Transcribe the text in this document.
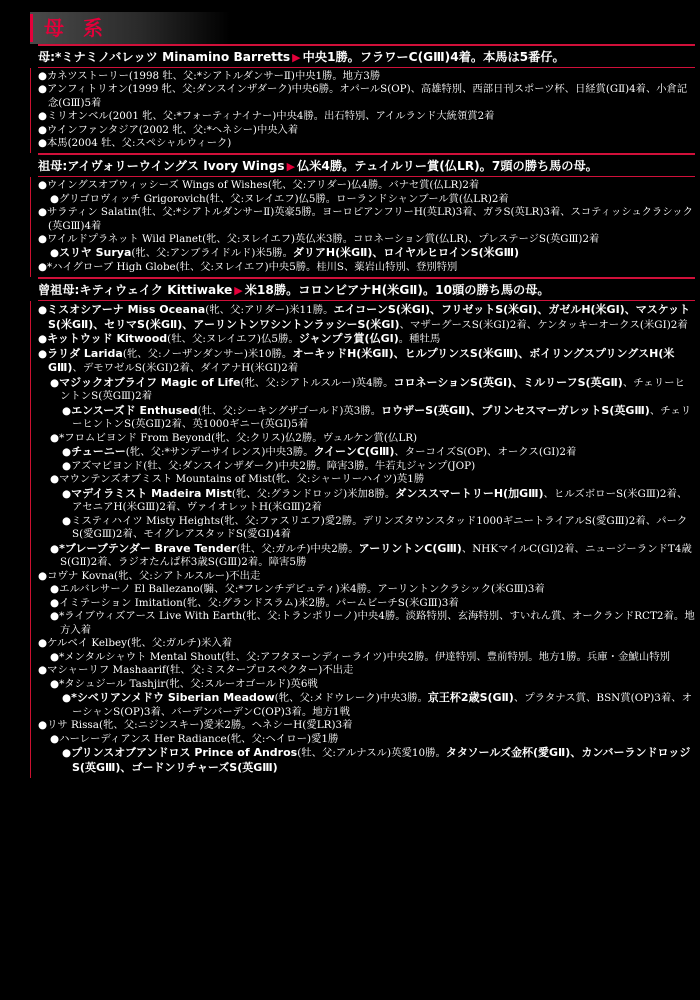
母 系
母:*ミナミノバレッツ Minamino Barretts ▶ 中央1勝。フラワーC(GⅢ)4着。本馬は5番仔。
●カネツストーリー(1998 牡、父:*シアトルダンサーⅡ)中央1勝。地方3勝
●アンフィトリオン(1999 牝、父:ダンスインザダーク)中央6勝。オパールS(OP)、高雄特別、西部日刊スポーツ杯、日経賞(GⅡ)4着、小倉記念(GⅢ)5着
●ミリオンベル(2001 牝、父:*フォーティナイナー)中央4勝。出石特別、アイルランド大統領賞2着
●ウインファンタジア(2002 牝、父:*ヘネシー)中央入着
●本馬(2004 牡、父:スペシャルウィーク)
祖母:アイヴォリーウイングス Ivory Wings ▶ 仏米4勝。テュイルリー賞(仏LR)。7頭の勝ち馬の母。
●ウイングスオブウィッシーズ Wings of Wishes(牝、父:アリダー)仏4勝。バナセ賞(仏LR)2着
●グリゴロヴィッチ Grigorovich(牡、父:ヌレイエフ)仏5勝。ローランドシャンブール賞(仏LR)2着
●サラティン Salatin(牡、父:*シアトルダンサーⅡ)英豪5勝。ヨーロピアンフリーH(英LR)3着、ガラS(英LR)3着、スコティッシュクラシック(英GⅢ)4着
●ワイルドプラネット Wild Planet(牝、父:ヌレイエフ)英仏米3勝。コロネーション賞(仏LR)、プレステージS(英GⅢ)2着
●スリヤ Surya(牝、父:アンブライドルド)米5勝。ダリアH(米GⅡ)、ロイヤルヒロインS(米GⅢ)
●*ハイグローブ High Globe(牡、父:ヌレイエフ)中央5勝。桂川S、薬岩山特別、登別特別
曾祖母:キティウェイク Kittiwake ▶ 米18勝。コロンビアナH(米GⅡ)。10頭の勝ち馬の母。
●ミスオシアーナ Miss Oceana(牝、父:アリダー)米11勝。エイコーンS(米GⅠ)、フリゼットS(米GⅠ)、ガゼルH(米GⅠ)、マスケットS(米GⅡ)、セリマS(米GⅡ)、アーリントンワシントンラッシーS(米GⅠ)、マザーグースS(米GⅠ)2着、ケンタッキーオークス(米GⅠ)2着
●キットウッド Kitwood(牡、父:ヌレイエフ)仏5勝。ジャンプラ賞(仏GⅠ)。種牡馬
●ラリダ Larida(牝、父:ノーザンダンサー)米10勝。オーキッドH(米GⅡ)、ヒルプリンスS(米GⅢ)、ボイリングスプリングスH(米GⅢ)、デモワゼルS(米GⅠ)2着、ダイアナH(米GⅠ)2着
●マジックオブライフ Magic of Life(牝、父:シアトルスルー)英4勝。コロネーションS(英GⅠ)、ミルリーフS(英GⅡ)、チェリーヒントンS(英GⅢ)2着
●エンスーズド Enthused(牡、父:シーキングザゴールド)英3勝。ロウザーS(英GⅡ)、プリンセスマーガレットS(英GⅢ)、チェリーヒントンS(英GⅡ)2着、英1000ギニー(英GⅠ)5着
●*フロムビヨンド From Beyond(牝、父:クリス)仏2勝。ヴュルケン賞(仏LR)
●チューニー(牝、父:*サンデーサイレンス)中央3勝。クイーンC(GⅢ)、ターコイズS(OP)、オークス(GⅠ)2着
●アズマビヨンド(牡、父:ダンスインザダーク)中央2勝。障害3勝。牛若丸ジャンプ(JOP)
●マウンテンズオブミスト Mountains of Mist(牝、父:シャーリーハイツ)英1勝
●マデイラミスト Madeira Mist(牝、父:グランドロッジ)米加8勝。ダンススマートリーH(加GⅢ)、ヒルズボローS(米GⅢ)2着、アセニアH(米GⅢ)2着、ヴァイオレットH(米GⅢ)2着
●ミスティハイツ Misty Heights(牝、父:ファスリエフ)愛2勝。デリンズタウンスタッド1000ギニートライアルS(愛GⅢ)2着、パークS(愛GⅢ)2着、モイグレアスタッドS(愛GⅠ)4着
●*ブレーブテンダー Brave Tender(牡、父:ガルチ)中央2勝。アーリントンC(GⅢ)、NHKマイルC(GⅠ)2着、ニュージーランドT4歳S(GⅡ)2着、ラジオたんぱ杯3歳S(GⅢ)2着。障害5勝
●コヴナ Kovna(牝、父:シアトルスルー)不出走
●エルバレサーノ El Ballezano(騸、父:*フレンチデピュティ)米4勝。アーリントンクラシック(米GⅢ)3着
●イミテーション Imitation(牝、父:グランドスラム)米2勝。パームビーチS(米GⅢ)3着
●*ライブウィズアース Live With Earth(牝、父:トランポリーノ)中央4勝。淡路特別、玄海特別、すいれん賞、オークランドRCT2着。地方入着
●ケルベイ Kelbey(牝、父:ガルチ)米入着
●*メンタルシャウト Mental Shout(牡、父:アフタヌーンディーライツ)中央2勝。伊達特別、豊前特別。地方1勝。兵庫・金鯱山特別
●マシャーリフ Mashaarif(牡、父:ミスタープロスペクター)不出走
●*タシュジール Tashjir(牝、父:スルーオゴールド)英6戦
●*シベリアンメドウ Siberian Meadow(牝、父:メドウレーク)中央3勝。京王杯2歳S(GⅡ)、プラタナス賞、BSN賞(OP)3着、オーシャンS(OP)3着、バーデンバーデンC(OP)3着。地方1戦
●リサ Rissa(牝、父:ニジンスキー)愛米2勝。ヘネシーH(愛LR)3着
●ハーレーディアンス Her Radiance(牝、父:ヘイロー)愛1勝
●プリンスオブアンドロス Prince of Andros(牡、父:アルナスル)英愛10勝。タタソールズ金杯(愛GⅡ)、カンバーランドロッジS(英GⅢ)、ゴードンリチャーズS(英GⅢ)
